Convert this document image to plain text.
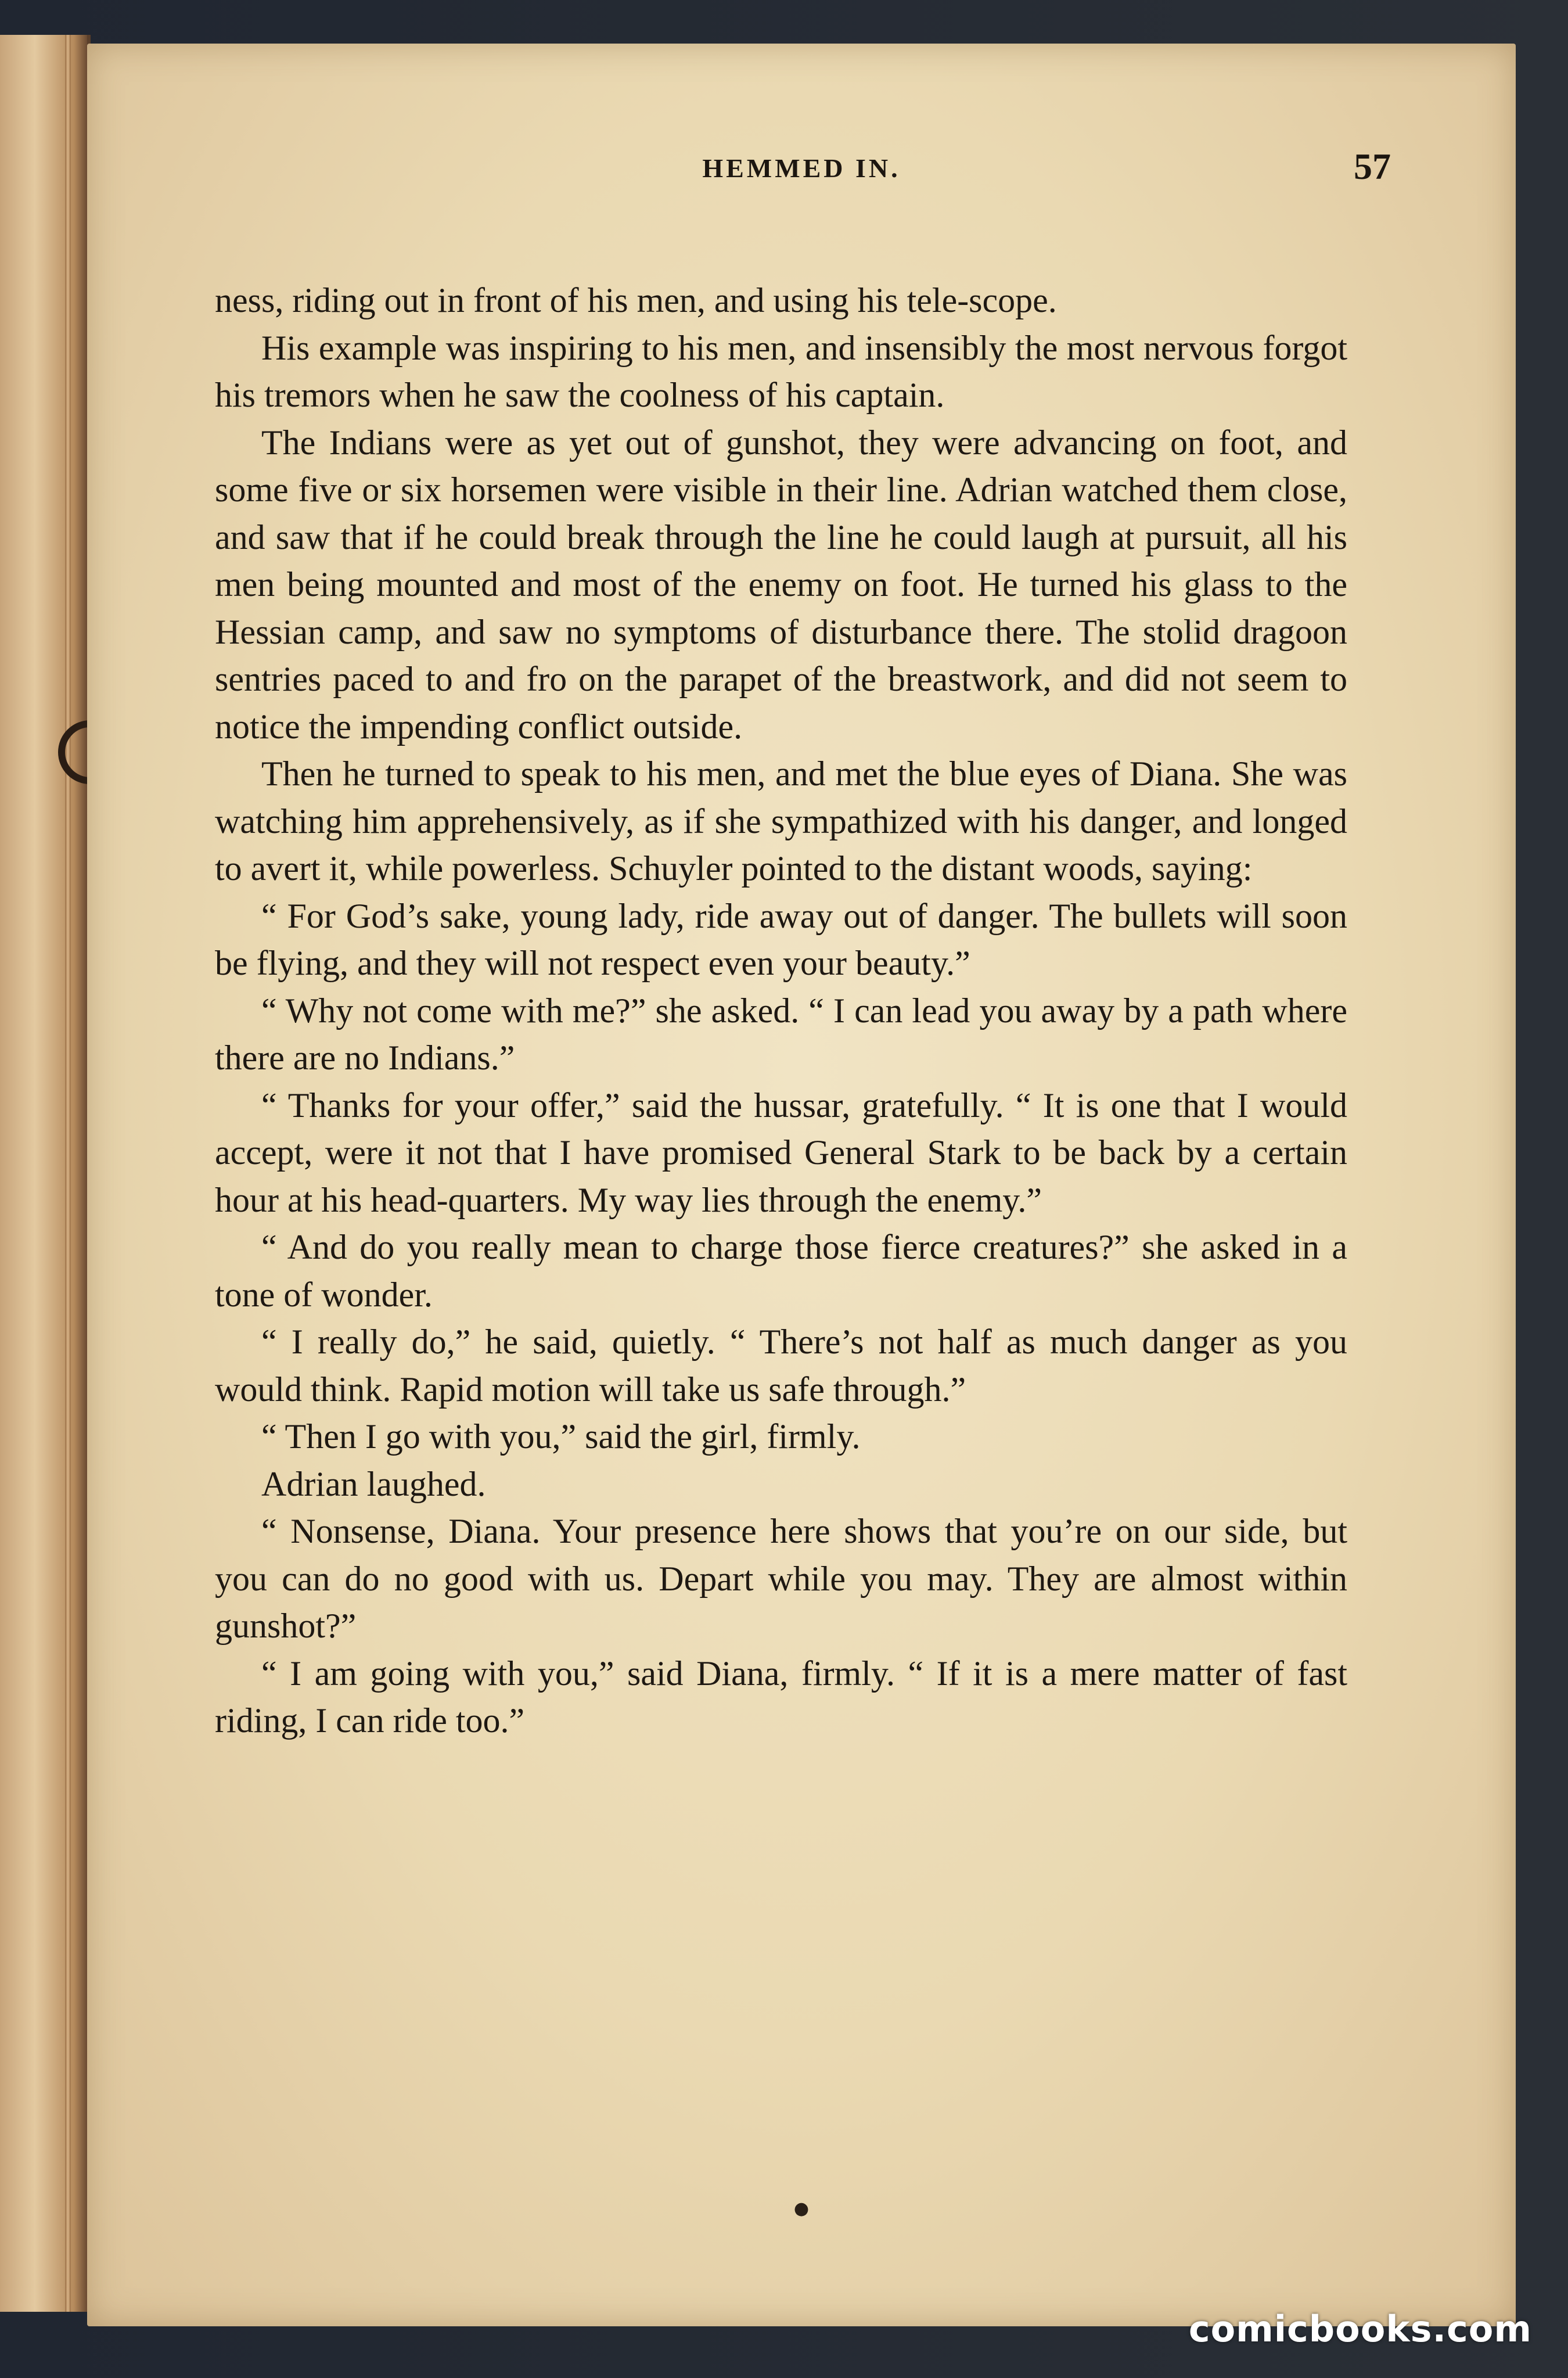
HEMMED IN.	57

ness, riding out in front of his men, and using his tele-scope.

His example was inspiring to his men, and insensibly the most nervous forgot his tremors when he saw the coolness of his captain.

The Indians were as yet out of gunshot, they were advancing on foot, and some five or six horsemen were visible in their line. Adrian watched them close, and saw that if he could break through the line he could laugh at pursuit, all his men being mounted and most of the enemy on foot. He turned his glass to the Hessian camp, and saw no symptoms of disturbance there. The stolid dragoon sentries paced to and fro on the parapet of the breastwork, and did not seem to notice the impending conflict outside.

Then he turned to speak to his men, and met the blue eyes of Diana. She was watching him apprehensively, as if she sympathized with his danger, and longed to avert it, while powerless. Schuyler pointed to the distant woods, saying:

“ For God’s sake, young lady, ride away out of danger. The bullets will soon be flying, and they will not respect even your beauty.”

“ Why not come with me?” she asked. “ I can lead you away by a path where there are no Indians.”

“ Thanks for your offer,” said the hussar, gratefully. “ It is one that I would accept, were it not that I have promised General Stark to be back by a certain hour at his head-quarters. My way lies through the enemy.”

“ And do you really mean to charge those fierce creatures?” she asked in a tone of wonder.

“ I really do,” he said, quietly. “ There’s not half as much danger as you would think. Rapid motion will take us safe through.”

“ Then I go with you,” said the girl, firmly.

Adrian laughed.

“ Nonsense, Diana. Your presence here shows that you’re on our side, but you can do no good with us. Depart while you may. They are almost within gunshot?”

“ I am going with you,” said Diana, firmly. “ If it is a mere matter of fast riding, I can ride too.”

●
comicbooks.com
